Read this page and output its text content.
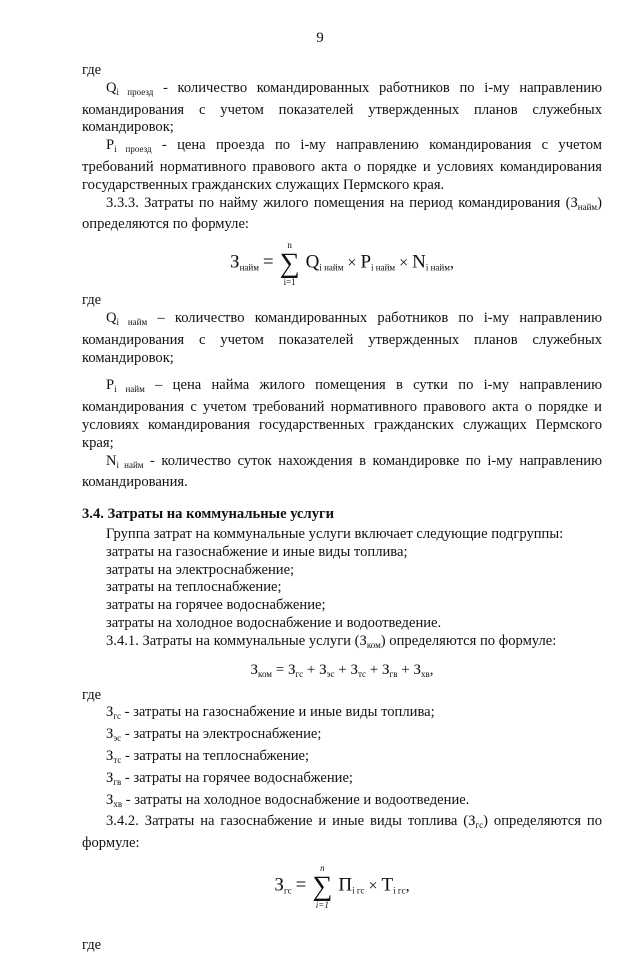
9

где

$Q_{i проезд}$ - количество командированных работников по i-му направлению командирования с учетом показателей утвержденных планов служебных командировок;

$P_{i проезд}$ - цена проезда по i-му направлению командирования с учетом требований нормативного правового акта о порядке и условиях командирования государственных гражданских служащих Пермского края.

3.3.3. Затраты по найму жилого помещения на период командирования $(З_{найм})$ определяются по формуле:

$З_{найм}$ =
n
∑
i=1
$Q_{i найм} \times P_{i найм} \times N_{i найм}$,

где

$Q_{i найм}$ – количество командированных работников по i-му направлению командирования с учетом показателей утвержденных планов служебных командировок;

$P_{i найм}$ – цена найма жилого помещения в сутки по i-му направлению командирования с учетом требований нормативного правового акта о порядке и условиях командирования государственных гражданских служащих Пермского края;

$N_{i найм}$ - количество суток нахождения в командировке по i-му направлению командирования.

3.4. Затраты на коммунальные услуги

Группа затрат на коммунальные услуги включает следующие подгруппы:

затраты на газоснабжение и иные виды топлива;

затраты на электроснабжение;

затраты на теплоснабжение;

затраты на горячее водоснабжение;

затраты на холодное водоснабжение и водоотведение.

3.4.1. Затраты на коммунальные услуги $(З_{ком})$ определяются по формуле:

$З_{ком} = З_{гс} + З_{эс} + З_{тс} + З_{гв} + З_{хв}$,

где

$З_{гс}$ - затраты на газоснабжение и иные виды топлива;

$З_{эс}$ - затраты на электроснабжение;

$З_{тс}$ - затраты на теплоснабжение;

$З_{гв}$ - затраты на горячее водоснабжение;

$З_{хв}$ - затраты на холодное водоснабжение и водоотведение.

3.4.2. Затраты на газоснабжение и иные виды топлива $(З_{гс})$ определяются по формуле:

$З_{гс}$ =
n
∑
i=1
$П_{i гс} \times T_{i гс}$,

где
